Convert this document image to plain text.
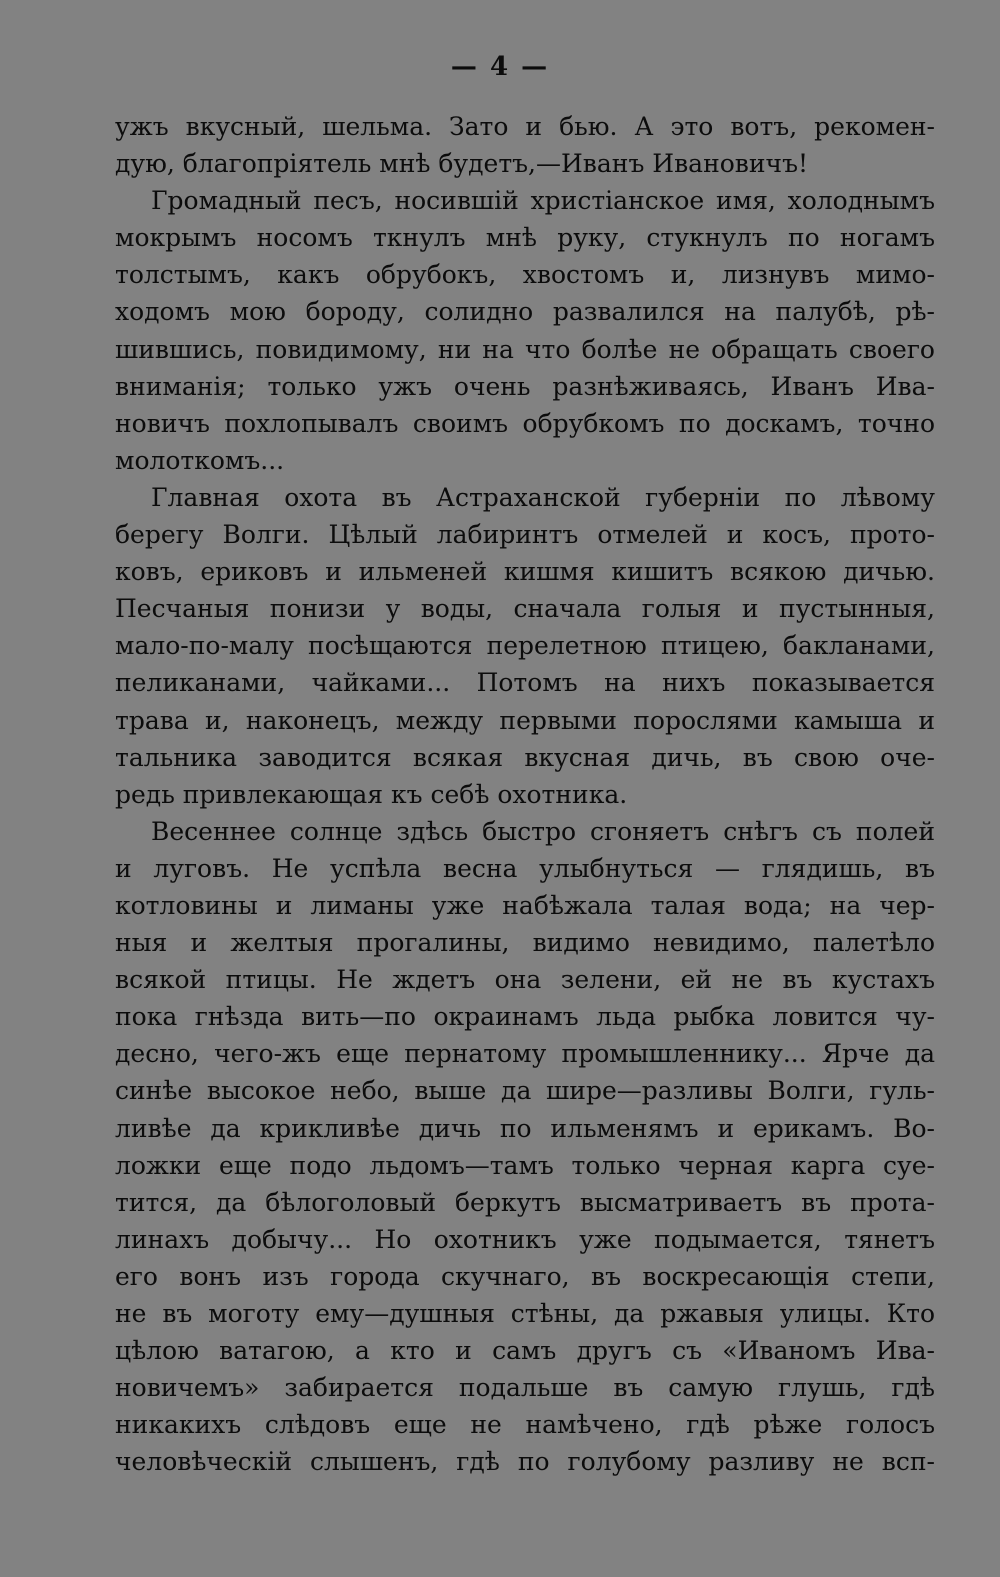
— 4 —
ужъ вкусный, шельма. Зато и бью. А это вотъ, рекомен-
дую, благопріятель мнѣ будетъ,—Иванъ Ивановичъ!
Громадный песъ, носившій христіанское имя, холоднымъ
мокрымъ носомъ ткнулъ мнѣ руку, стукнулъ по ногамъ
толстымъ, какъ обрубокъ, хвостомъ и, лизнувъ мимо-
ходомъ мою бороду, солидно развалился на палубѣ, рѣ-
шившись, повидимому, ни на что болѣе не обращать своего
вниманія; только ужъ очень разнѣживаясь, Иванъ Ива-
новичъ похлопывалъ своимъ обрубкомъ по доскамъ, точно
молоткомъ...
Главная охота въ Астраханской губерніи по лѣвому
берегу Волги. Цѣлый лабиринтъ отмелей и косъ, прото-
ковъ, ериковъ и ильменей кишмя кишитъ всякою дичью.
Песчаныя понизи у воды, сначала голыя и пустынныя,
мало-по-малу посѣщаются перелетною птицею, бакланами,
пеликанами, чайками... Потомъ на нихъ показывается
трава и, наконецъ, между первыми порослями камыша и
тальника заводится всякая вкусная дичь, въ свою оче-
редь привлекающая къ себѣ охотника.
Весеннее солнце здѣсь быстро сгоняетъ снѣгъ съ полей
и луговъ. Не успѣла весна улыбнуться — глядишь, въ
котловины и лиманы уже набѣжала талая вода; на чер-
ныя и желтыя прогалины, видимо невидимо, палетѣло
всякой птицы. Не ждетъ она зелени, ей не въ кустахъ
пока гнѣзда вить—по окраинамъ льда рыбка ловится чу-
десно, чего-жъ еще пернатому промышленнику... Ярче да
синѣе высокое небо, выше да шире—разливы Волги, гуль-
ливѣе да крикливѣе дичь по ильменямъ и ерикамъ. Во-
ложки еще подо льдомъ—тамъ только черная карга суе-
тится, да бѣлоголовый беркутъ высматриваетъ въ прота-
линахъ добычу... Но охотникъ уже подымается, тянетъ
его вонъ изъ города скучнаго, въ воскресающія степи,
не въ моготу ему—душныя стѣны, да ржавыя улицы. Кто
цѣлою ватагою, а кто и самъ другъ съ «Иваномъ Ива-
новичемъ» забирается подальше въ самую глушь, гдѣ
никакихъ слѣдовъ еще не намѣчено, гдѣ рѣже голосъ
человѣческій слышенъ, гдѣ по голубому разливу не всп-
